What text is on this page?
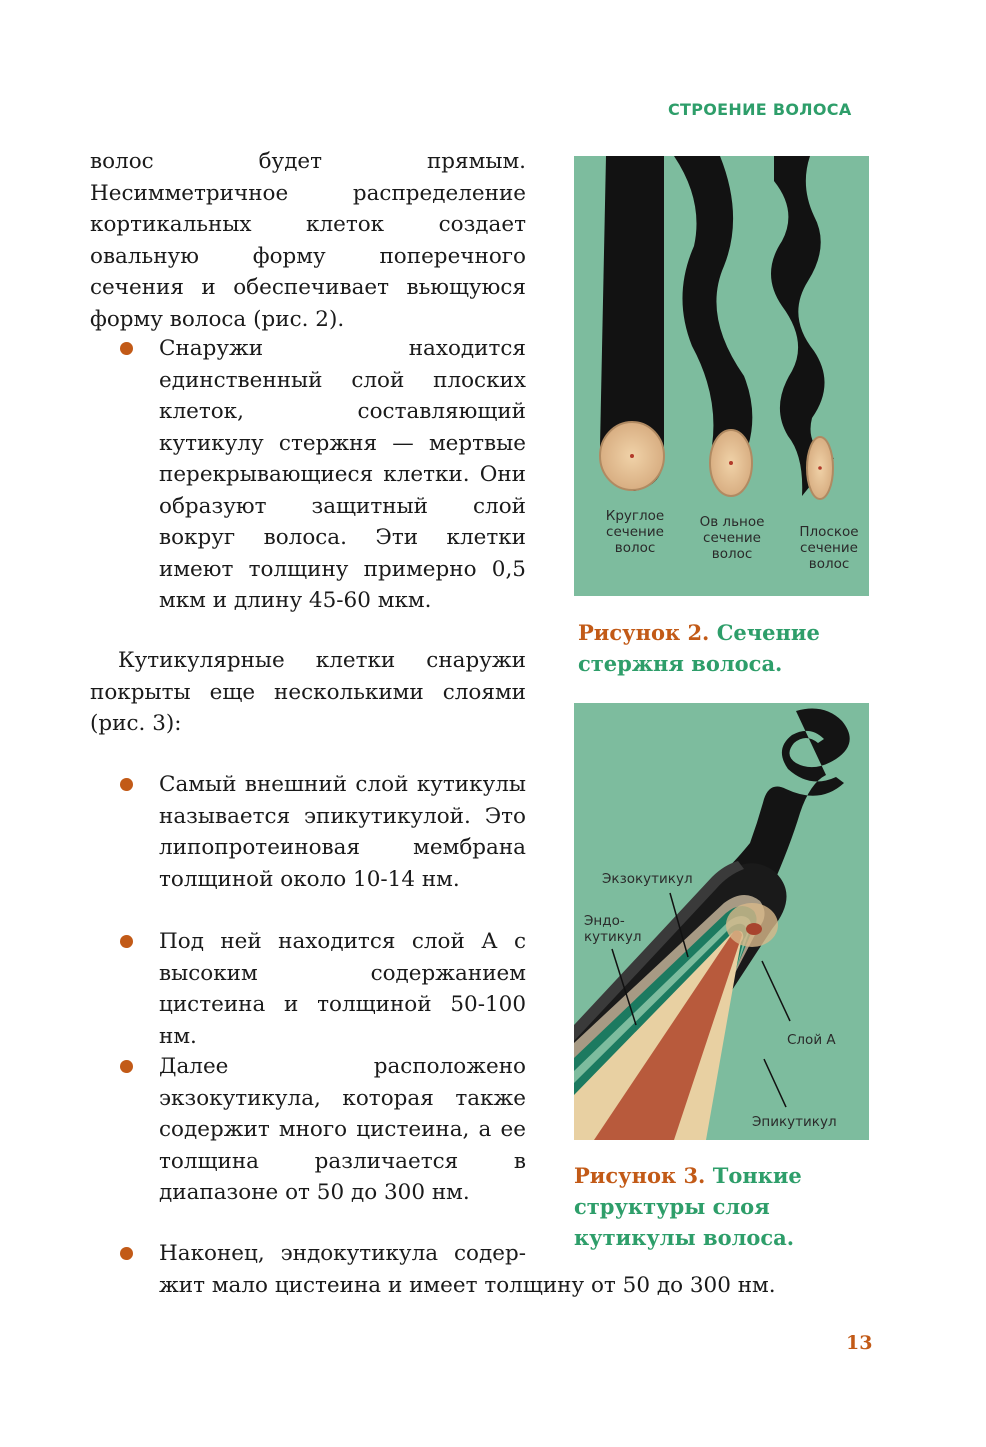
СТРОЕНИЕ ВОЛОСА
волос будет прямым. Несимметричное распределение кортикальных клеток создает овальную форму поперечного сечения и обеспечивает вьющуюся форму волоса (рис. 2).
Снаружи находится единственный слой плоских клеток, составляющий кутикулу стержня — мертвые перекрывающиеся клетки. Они образуют защитный слой вокруг волоса. Эти клетки имеют толщину примерно 0,5 мкм и длину 45-60 мкм.
Кутикулярные клетки снаружи покрыты еще несколькими слоями (рис. 3):
Самый внешний слой кутикулы называется эпикутикулой. Это липопротеиновая мембрана толщиной около 10-14 нм.
Под ней находится слой А с высоким содержанием цистеина и толщиной 50-100 нм.
Далее расположено экзокутикула, которая также содержит много цистеина, а ее толщина различается в диапазоне от 50 до 300 нм.
Наконец, эндокутикула содер-
жит мало цистеина и имеет толщину от 50 до 300 нм.
Круглое сечение волос
Ов льное сечение волос
Плоское сечение волос
Рисунок 2. Сечение стержня волоса.
Экзокутикул
Эндо-кутикул
Слой А
Эпикутикул
Рисунок 3. Тонкие структуры слоя кутикулы волоса.
13
